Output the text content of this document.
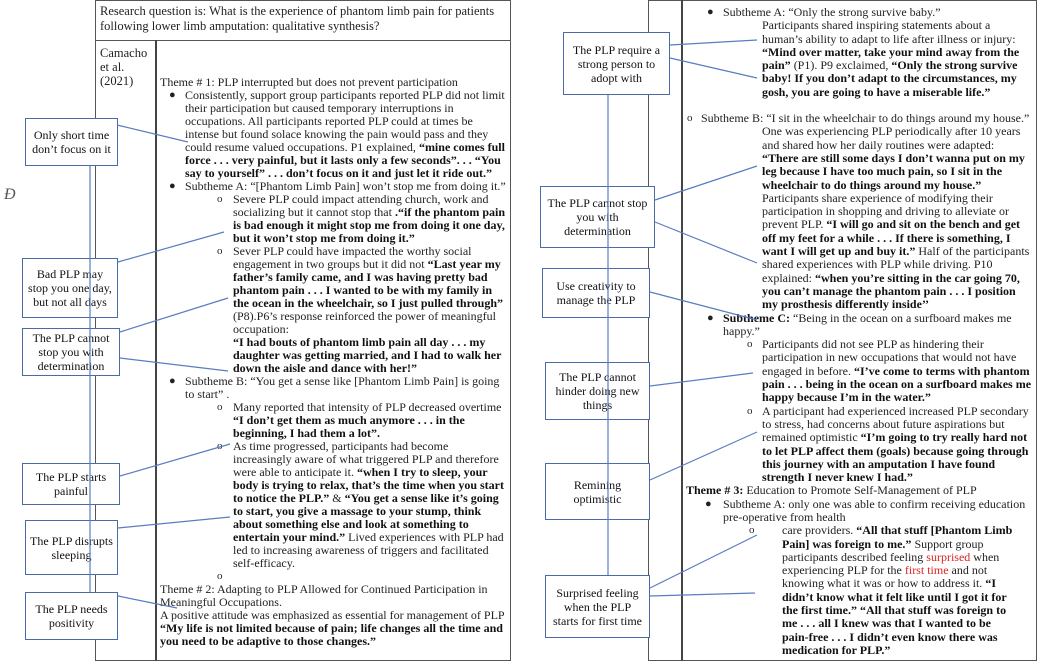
Research question is: What is the experience of phantom limb pain for patients following lower limb amputation: qualitative synthesis?
Camacho et al. (2021)	Theme # 1: PLP interrupted but does not prevent participation
● Consistently, support group participants reported PLP did not limit their participation but caused temporary interruptions in occupations. All participants reported PLP could at times be intense but found solace knowing the pain would pass and they could resume valued occupations. P1 explained, “mine comes full force . . . very painful, but it lasts only a few seconds”. . . “You say to yourself” . . . don’t focus on it and just let it ride out.”
● Subtheme A: “[Phantom Limb Pain] won’t stop me from doing it.”
o Severe PLP could impact attending church, work and socializing but it cannot stop that .“if the phantom pain is bad enough it might stop me from doing it one day, but it won’t stop me from doing it.”
o Sever PLP could have impacted the worthy social engagement in two groups but it did not “Last year my father’s family came, and I was having pretty bad phantom pain . . . I wanted to be with my family in the ocean in the wheelchair, so I just pulled through” (P8).P6’s response reinforced the power of meaningful occupation:
“I had bouts of phantom limb pain all day . . . my daughter was getting married, and I had to walk her down the aisle and dance with her!”
● Subtheme B: “You get a sense like [Phantom Limb Pain] is going to start” .
o Many reported that intensity of PLP decreased overtime “I don’t get them as much anymore . . . in the beginning, I had them a lot”.
o As time progressed, participants had become increasingly aware of what triggered PLP and therefore were able to anticipate it. “when I try to sleep, your body is trying to relax, that’s the time when you start to notice the PLP.” & “You get a sense like it’s going to start, you give a massage to your stump, think about something else and look at something to entertain your mind.” Lived experiences with PLP had led to increasing awareness of triggers and facilitated self-efficacy.
o
Theme # 2: Adapting to PLP Allowed for Continued Participation in Meaningful Occupations.
A positive attitude was emphasized as essential for management of PLP “My life is not limited because of pain; life changes all the time and you need to be adaptive to those changes.”
Ð
Only short time don’t focus on it
Bad PLP may stop you one day, but not all days
The PLP cannot stop you with determination
The PLP starts painful
The PLP disrupts sleeping
The PLP needs positivity
● Subtheme A: “Only the strong survive baby.”
Participants shared inspiring statements about a human’s ability to adapt to life after illness or injury: “Mind over matter, take your mind away from the pain” (P1). P9 exclaimed, “Only the strong survive baby! If you don’t adapt to the circumstances, my gosh, you are going to have a miserable life.”
o Subtheme B: “I sit in the wheelchair to do things around my house.”
One was experiencing PLP periodically after 10 years and shared how her daily routines were adapted: “There are still some days I don’t wanna put on my leg because I have too much pain, so I sit in the wheelchair to do things around my house.” Participants share experience of modifying their participation in shopping and driving to alleviate or prevent PLP. “I will go and sit on the bench and get off my feet for a while . . . If there is something, I want I will get up and buy it.” Half of the participants shared experiences with PLP while driving. P10 explained: “when you’re sitting in the car going 70, you can’t manage the phantom pain . . . I position my prosthesis differently inside’’
● Subtheme C: “Being in the ocean on a surfboard makes me happy.”
o Participants did not see PLP as hindering their participation in new occupations that would not have engaged in before. “I’ve come to terms with phantom pain . . . being in the ocean on a surfboard makes me happy because I’m in the water.”
o A participant had experienced increased PLP secondary to stress, had concerns about future aspirations but remained optimistic “I’m going to try really hard not to let PLP affect them (goals) because going through this journey with an amputation I have found strength I never knew I had.”
Theme # 3: Education to Promote Self-Management of PLP
● Subtheme A: only one was able to confirm receiving education pre-operative from health
o care providers. “All that stuff [Phantom Limb Pain] was foreign to me.” Support group participants described feeling surprised when experiencing PLP for the first time and not knowing what it was or how to address it. “I didn’t know what it felt like until I got it for the first time.” “All that stuff was foreign to me . . . all I knew was that I wanted to be pain-free . . . I didn’t even know there was medication for PLP.”
The PLP require a strong person to adopt with
The PLP cannot stop you with determination
Use creativity to manage the PLP
The PLP cannot hinder doing new things
Remining optimistic
Surprised feeling when the PLP starts for first time
